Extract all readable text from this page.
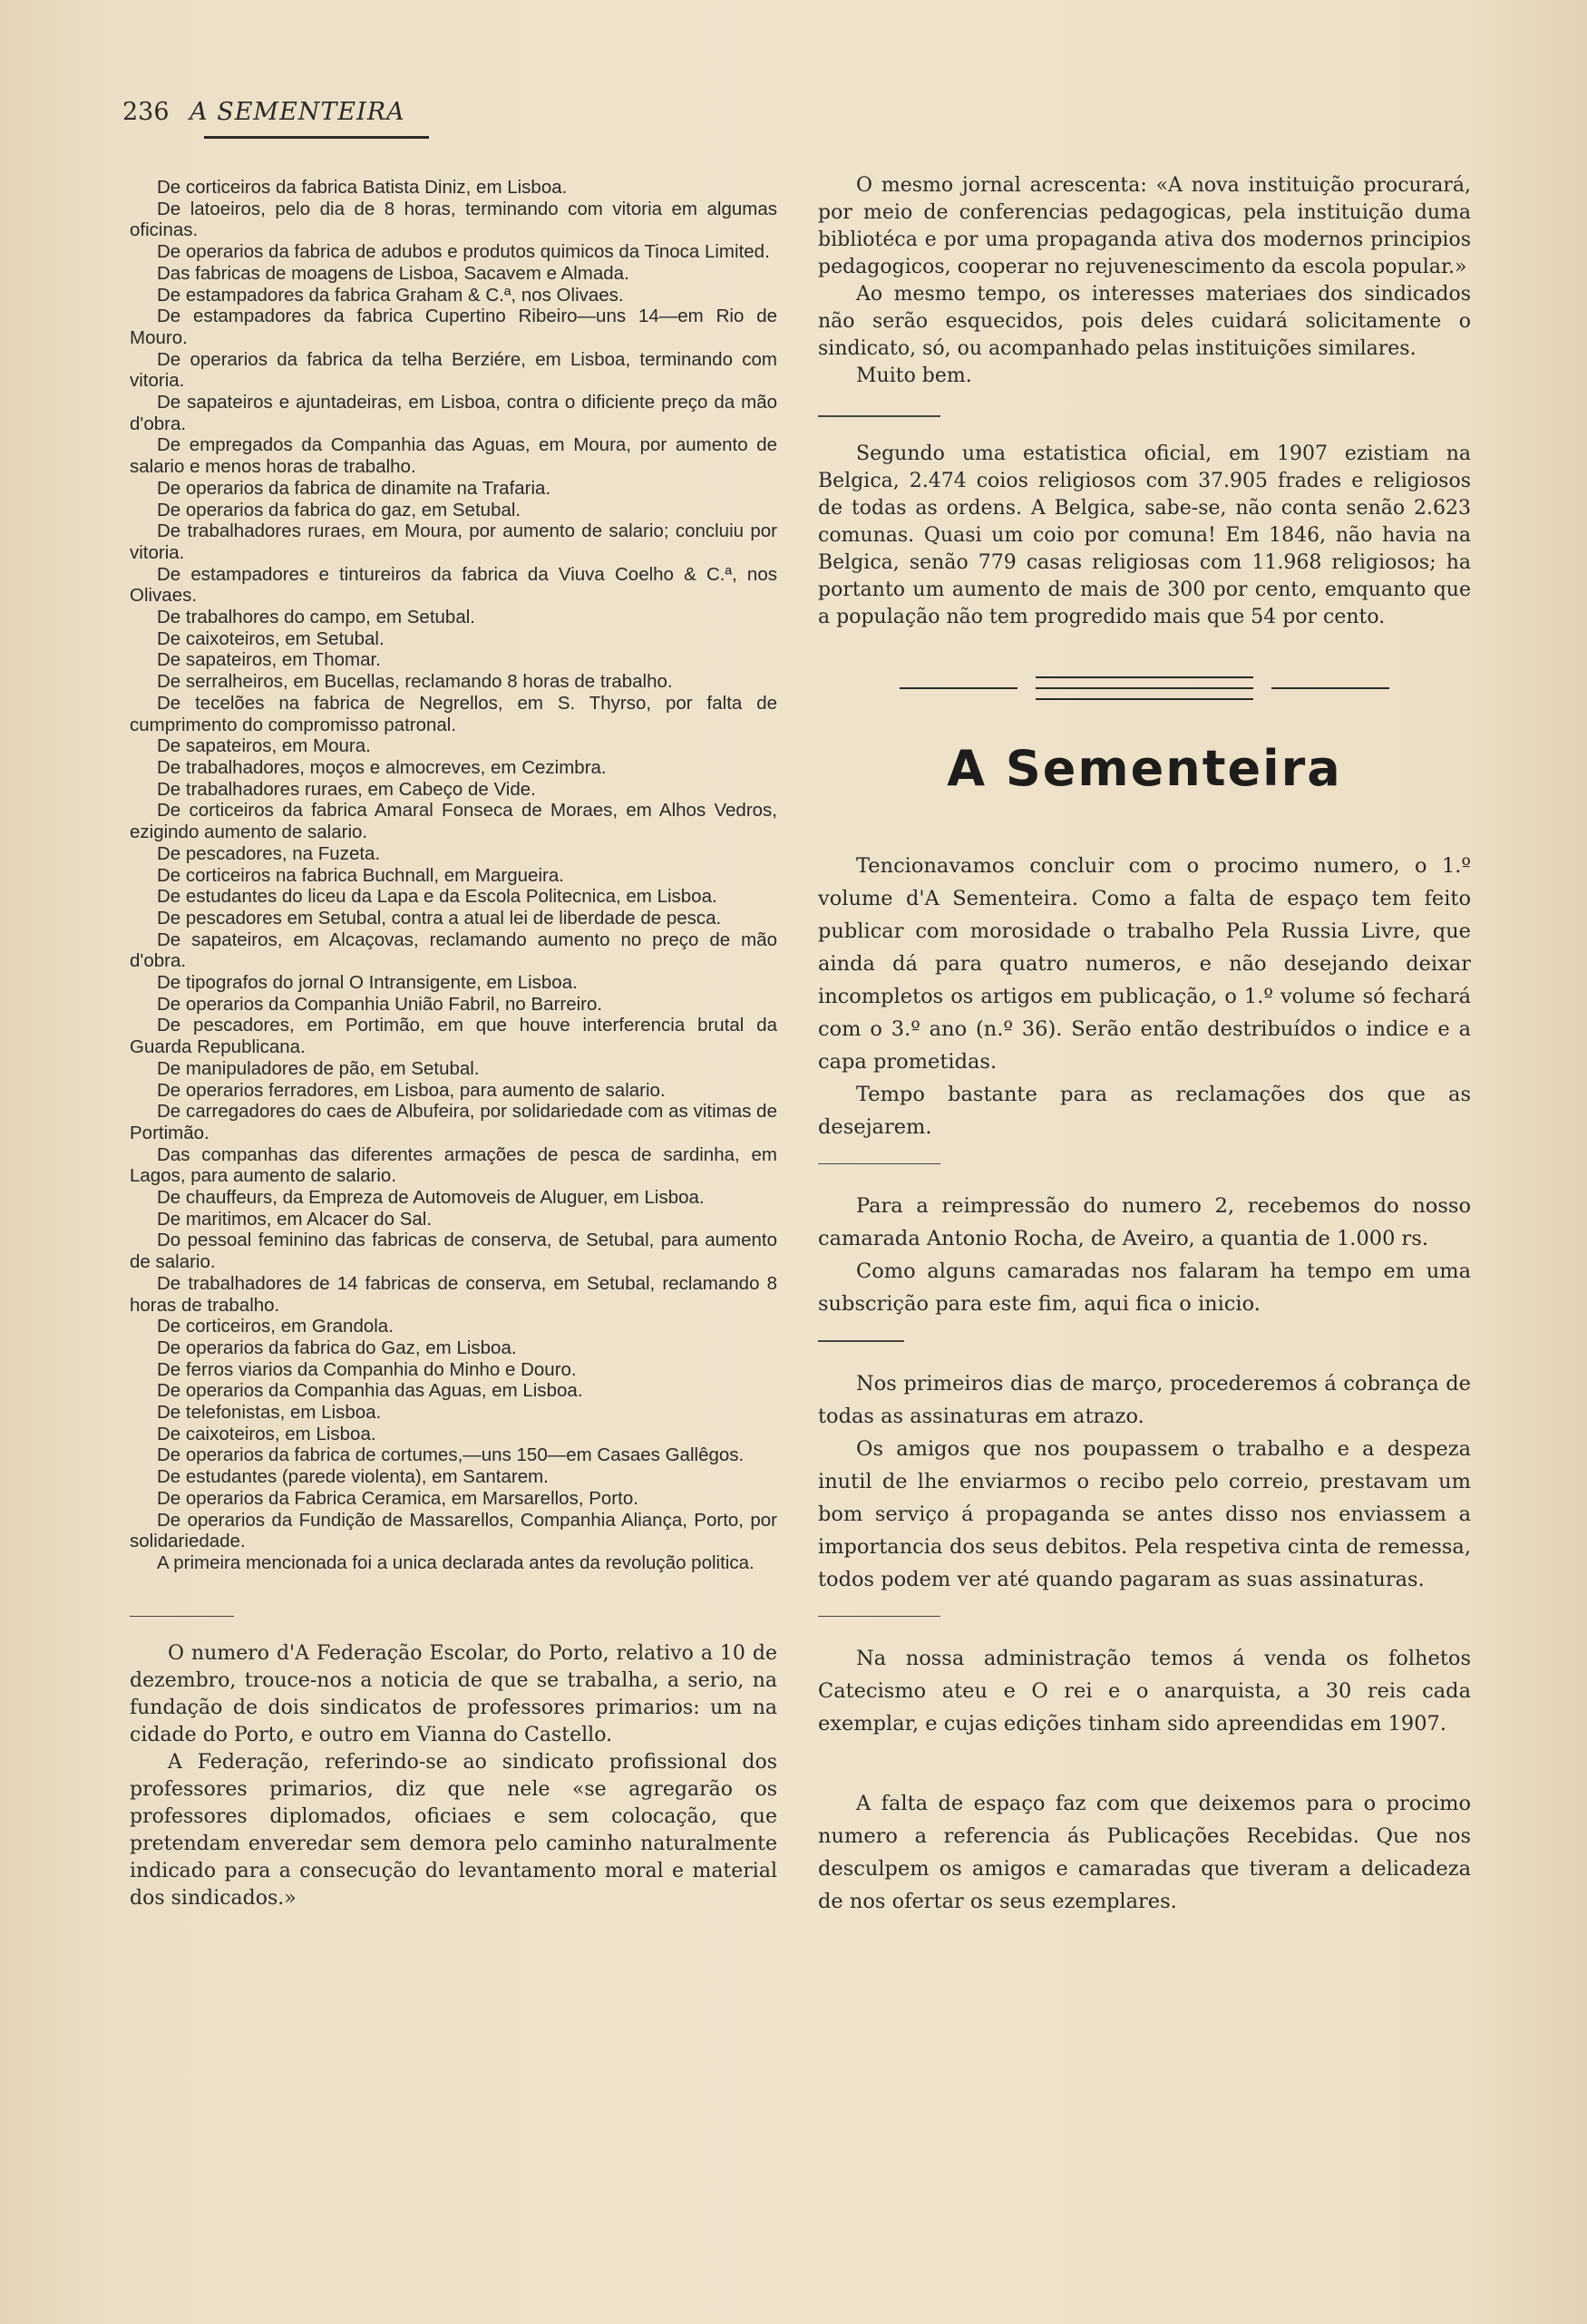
236 A SEMENTEIRA

De corticeiros da fabrica Batista Diniz, em Lisboa.

De latoeiros, pelo dia de 8 horas, terminando com vitoria em algumas oficinas.

De operarios da fabrica de adubos e produtos quimicos da Tinoca Limited.

Das fabricas de moagens de Lisboa, Sacavem e Almada.

De estampadores da fabrica Graham & C.ª, nos Olivaes.

De estampadores da fabrica Cupertino Ribeiro—uns 14—em Rio de Mouro.

De operarios da fabrica da telha Berziére, em Lisboa, terminando com vitoria.

De sapateiros e ajuntadeiras, em Lisboa, contra o dificiente preço da mão d'obra.

De empregados da Companhia das Aguas, em Moura, por aumento de salario e menos horas de trabalho.

De operarios da fabrica de dinamite na Trafaria.

De operarios da fabrica do gaz, em Setubal.

De trabalhadores ruraes, em Moura, por aumento de salario; concluiu por vitoria.

De estampadores e tintureiros da fabrica da Viuva Coelho & C.ª, nos Olivaes.

De trabalhores do campo, em Setubal.

De caixoteiros, em Setubal.

De sapateiros, em Thomar.

De serralheiros, em Bucellas, reclamando 8 horas de trabalho.

De tecelões na fabrica de Negrellos, em S. Thyrso, por falta de cumprimento do compromisso patronal.

De sapateiros, em Moura.

De trabalhadores, moços e almocreves, em Cezimbra.

De trabalhadores ruraes, em Cabeço de Vide.

De corticeiros da fabrica Amaral Fonseca de Moraes, em Alhos Vedros, ezigindo aumento de salario.

De pescadores, na Fuzeta.

De corticeiros na fabrica Buchnall, em Margueira.

De estudantes do liceu da Lapa e da Escola Politecnica, em Lisboa.

De pescadores em Setubal, contra a atual lei de liberdade de pesca.

De sapateiros, em Alcaçovas, reclamando aumento no preço de mão d'obra.

De tipografos do jornal O Intransigente, em Lisboa.

De operarios da Companhia União Fabril, no Barreiro.

De pescadores, em Portimão, em que houve interferencia brutal da Guarda Republicana.

De manipuladores de pão, em Setubal.

De operarios ferradores, em Lisboa, para aumento de salario.

De carregadores do caes de Albufeira, por solidariedade com as vitimas de Portimão.

Das companhas das diferentes armações de pesca de sardinha, em Lagos, para aumento de salario.

De chauffeurs, da Empreza de Automoveis de Aluguer, em Lisboa.

De maritimos, em Alcacer do Sal.

Do pessoal feminino das fabricas de conserva, de Setubal, para aumento de salario.

De trabalhadores de 14 fabricas de conserva, em Setubal, reclamando 8 horas de trabalho.

De corticeiros, em Grandola.

De operarios da fabrica do Gaz, em Lisboa.

De ferros viarios da Companhia do Minho e Douro.

De operarios da Companhia das Aguas, em Lisboa.

De telefonistas, em Lisboa.

De caixoteiros, em Lisboa.

De operarios da fabrica de cortumes,—uns 150—em Casaes Gallêgos.

De estudantes (parede violenta), em Santarem.

De operarios da Fabrica Ceramica, em Marsarellos, Porto.

De operarios da Fundição de Massarellos, Companhia Aliança, Porto, por solidariedade.

A primeira mencionada foi a unica declarada antes da revolução politica.

O numero d'A Federação Escolar, do Porto, relativo a 10 de dezembro, trouce-nos a noticia de que se trabalha, a serio, na fundação de dois sindicatos de professores primarios: um na cidade do Porto, e outro em Vianna do Castello.

A Federação, referindo-se ao sindicato profissional dos professores primarios, diz que nele «se agregarão os professores diplomados, oficiaes e sem colocação, que pretendam enveredar sem demora pelo caminho naturalmente indicado para a consecução do levantamento moral e material dos sindicados.»

O mesmo jornal acrescenta: «A nova instituição procurará, por meio de conferencias pedagogicas, pela instituição duma bibliotéca e por uma propaganda ativa dos modernos principios pedagogicos, cooperar no rejuvenescimento da escola popular.»

Ao mesmo tempo, os interesses materiaes dos sindicados não serão esquecidos, pois deles cuidará solicitamente o sindicato, só, ou acompanhado pelas instituições similares.

Muito bem.

Segundo uma estatistica oficial, em 1907 ezistiam na Belgica, 2.474 coios religiosos com 37.905 frades e religiosos de todas as ordens. A Belgica, sabe-se, não conta senão 2.623 comunas. Quasi um coio por comuna! Em 1846, não havia na Belgica, senão 779 casas religiosas com 11.968 religiosos; ha portanto um aumento de mais de 300 por cento, emquanto que a população não tem progredido mais que 54 por cento.

A Sementeira

Tencionavamos concluir com o procimo numero, o 1.º volume d'A Sementeira. Como a falta de espaço tem feito publicar com morosidade o trabalho Pela Russia Livre, que ainda dá para quatro numeros, e não desejando deixar incompletos os artigos em publicação, o 1.º volume só fechará com o 3.º ano (n.º 36). Serão então destribuídos o indice e a capa prometidas.

Tempo bastante para as reclamações dos que as desejarem.

Para a reimpressão do numero 2, recebemos do nosso camarada Antonio Rocha, de Aveiro, a quantia de 1.000 rs.

Como alguns camaradas nos falaram ha tempo em uma subscrição para este fim, aqui fica o inicio.

Nos primeiros dias de março, procederemos á cobrança de todas as assinaturas em atrazo.

Os amigos que nos poupassem o trabalho e a despeza inutil de lhe enviarmos o recibo pelo correio, prestavam um bom serviço á propaganda se antes disso nos enviassem a importancia dos seus debitos. Pela respetiva cinta de remessa, todos podem ver até quando pagaram as suas assinaturas.

Na nossa administração temos á venda os folhetos Catecismo ateu e O rei e o anarquista, a 30 reis cada exemplar, e cujas edições tinham sido apreendidas em 1907.

A falta de espaço faz com que deixemos para o procimo numero a referencia ás Publicações Recebidas. Que nos desculpem os amigos e camaradas que tiveram a delicadeza de nos ofertar os seus ezemplares.
